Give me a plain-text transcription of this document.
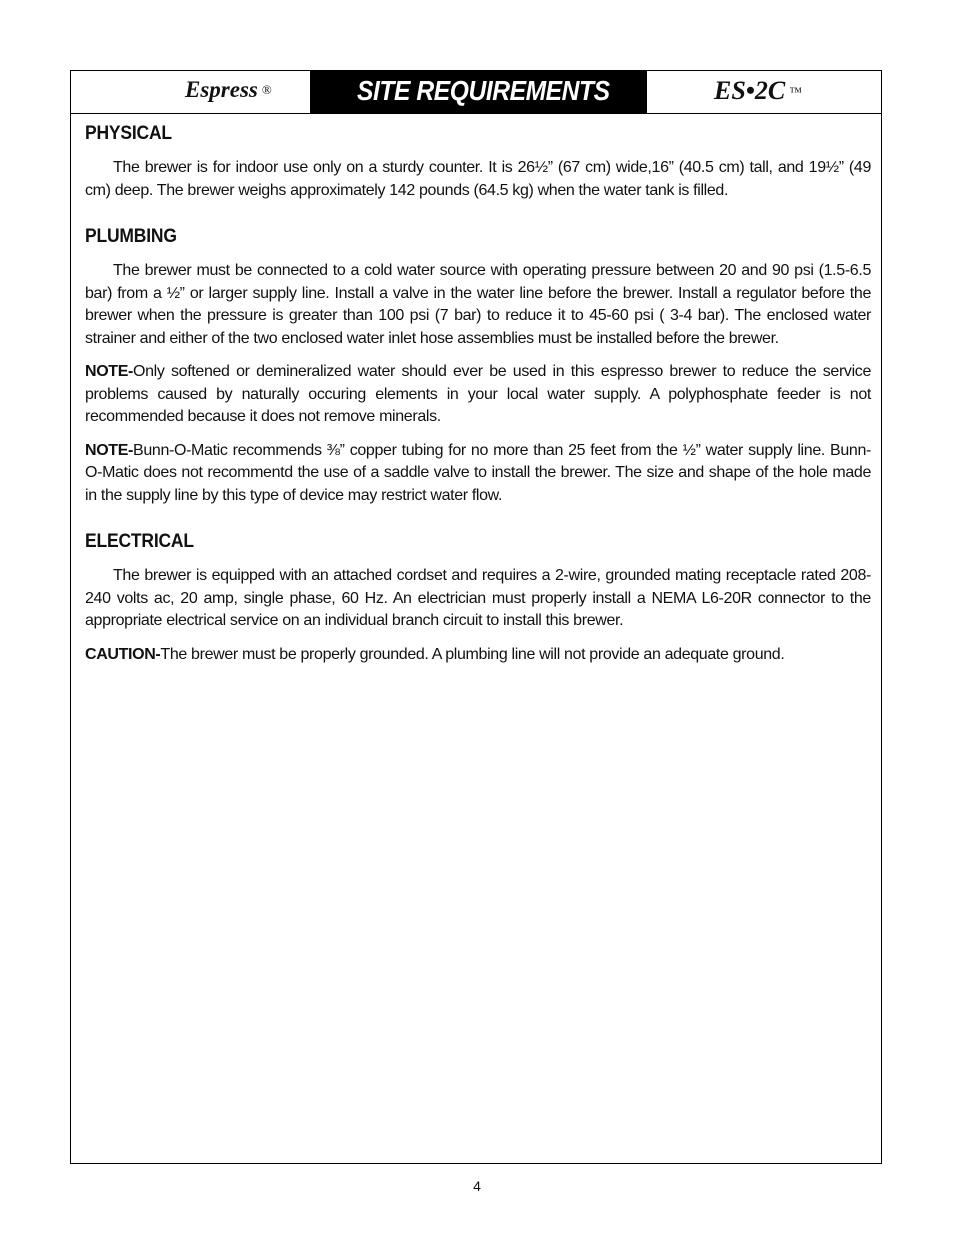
Espress ®	SITE REQUIREMENTS	ES•2C ™
PHYSICAL

The brewer is for indoor use only on a sturdy counter. It is 26½” (67 cm) wide,16” (40.5 cm) tall, and 19½” (49 cm) deep. The brewer weighs approximately 142 pounds (64.5 kg) when the water tank is filled.

PLUMBING

The brewer must be connected to a cold water source with operating pressure between 20 and 90 psi (1.5-6.5 bar) from a ½” or larger supply line. Install a valve in the water line before the brewer. Install a regulator before the brewer when the pressure is greater than 100 psi (7 bar) to reduce it to 45-60 psi ( 3-4 bar). The enclosed water strainer and either of the two enclosed water inlet hose assemblies must be installed before the brewer.

NOTE-Only softened or demineralized water should ever be used in this espresso brewer to reduce the service problems caused by naturally occuring elements in your local water supply. A polyphosphate feeder is not recommended because it does not remove minerals.

NOTE-Bunn-O-Matic recommends ⅜” copper tubing for no more than 25 feet from the ½” water supply line. Bunn-O-Matic does not recommentd the use of a saddle valve to install the brewer. The size and shape of the hole made in the supply line by this type of device may restrict water flow.

ELECTRICAL

The brewer is equipped with an attached cordset and requires a 2-wire, grounded mating receptacle rated 208-240 volts ac, 20 amp, single phase, 60 Hz. An electrician must properly install a NEMA L6-20R connector to the appropriate electrical service on an individual branch circuit to install this brewer.

CAUTION-The brewer must be properly grounded. A plumbing line will not provide an adequate ground.

4
